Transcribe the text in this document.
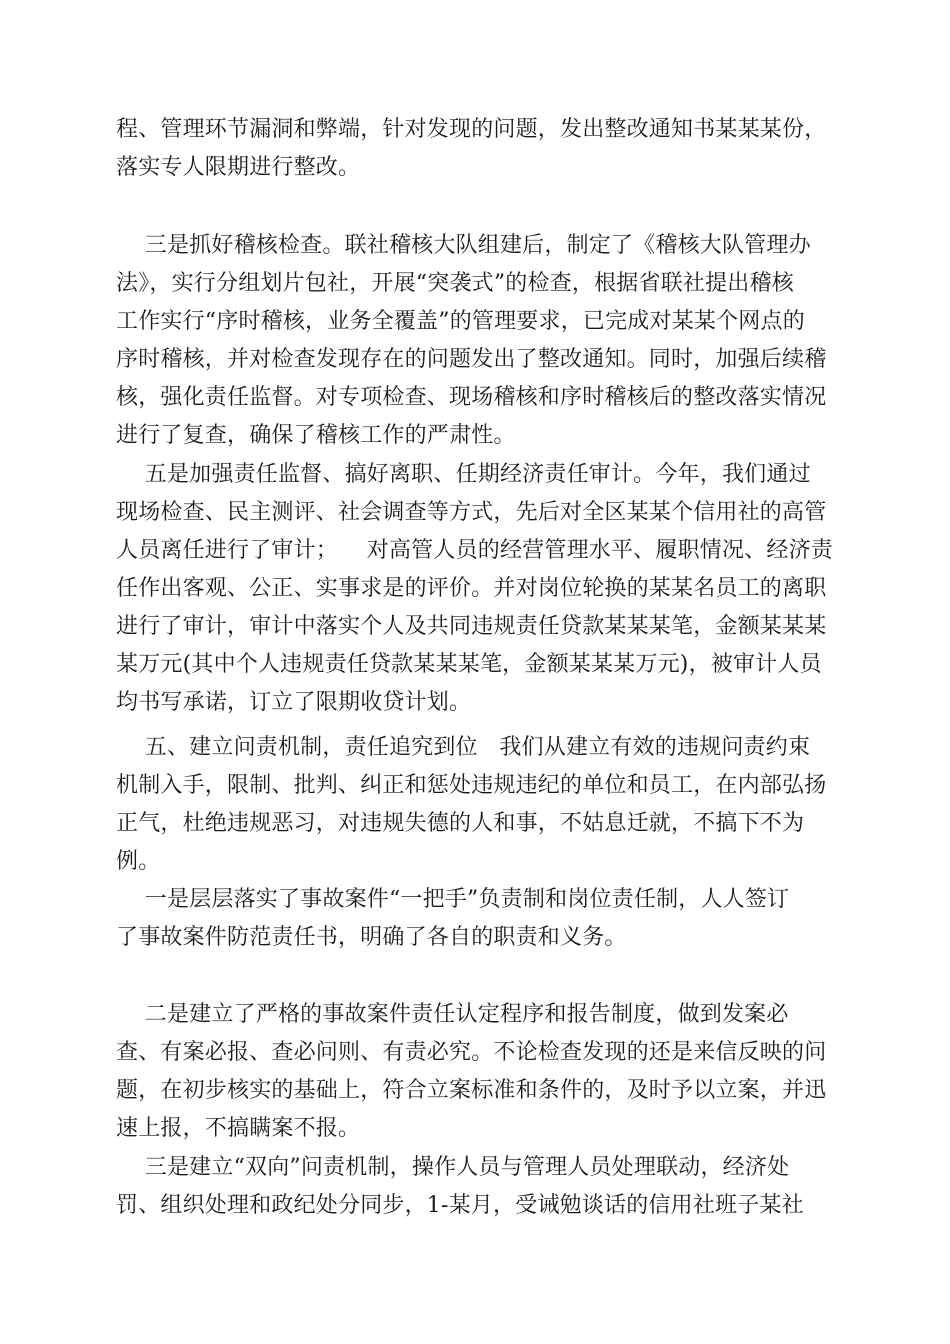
程、管理环节漏洞和弊端，针对发现的问题，发出整改通知书某某某份，
落实专人限期进行整改。
三是抓好稽核检查。联社稽核大队组建后，制定了《稽核大队管理办
法》，实行分组划片包社，开展“突袭式”的检查，根据省联社提出稽核
工作实行“序时稽核，业务全覆盖”的管理要求，已完成对某某个网点的
序时稽核，并对检查发现存在的问题发出了整改通知。同时，加强后续稽
核，强化责任监督。对专项检查、现场稽核和序时稽核后的整改落实情况
进行了复查，确保了稽核工作的严肃性。
五是加强责任监督、搞好离职、任期经济责任审计。今年，我们通过
现场检查、民主测评、社会调查等方式，先后对全区某某个信用社的高管
人员离任进行了审计；    对高管人员的经营管理水平、履职情况、经济责
任作出客观、公正、实事求是的评价。并对岗位轮换的某某名员工的离职
进行了审计，审计中落实个人及共同违规责任贷款某某某笔，金额某某某
某万元(其中个人违规责任贷款某某某笔，金额某某某万元)，被审计人员
均书写承诺，订立了限期收贷计划。
五、建立问责机制，责任追究到位   我们从建立有效的违规问责约束
机制入手，限制、批判、纠正和惩处违规违纪的单位和员工，在内部弘扬
正气，杜绝违规恶习，对违规失德的人和事，不姑息迁就，不搞下不为
例。
一是层层落实了事故案件“一把手”负责制和岗位责任制，人人签订
了事故案件防范责任书，明确了各自的职责和义务。
二是建立了严格的事故案件责任认定程序和报告制度，做到发案必
查、有案必报、查必问则、有责必究。不论检查发现的还是来信反映的问
题，在初步核实的基础上，符合立案标准和条件的，及时予以立案，并迅
速上报，不搞瞒案不报。
三是建立“双向”问责机制，操作人员与管理人员处理联动，经济处
罚、组织处理和政纪处分同步，1-某月，受诫勉谈话的信用社班子某社
